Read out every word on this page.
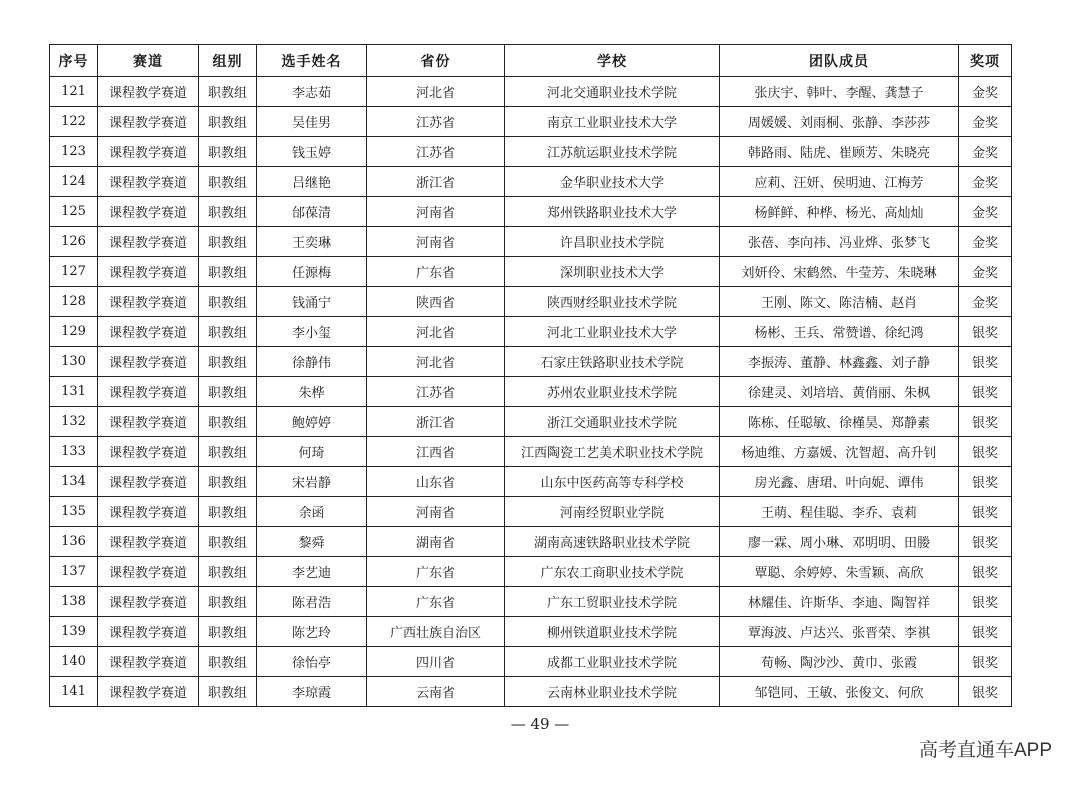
序号	赛道	组别	选手姓名	省份	学校	团队成员	奖项
121	课程教学赛道	职教组	李志茹	河北省	河北交通职业技术学院	张庆宇、韩叶、李醒、龚慧子	金奖
122	课程教学赛道	职教组	吴佳男	江苏省	南京工业职业技术大学	周媛媛、刘雨桐、张静、李莎莎	金奖
123	课程教学赛道	职教组	钱玉婷	江苏省	江苏航运职业技术学院	韩路雨、陆虎、崔顾芳、朱晓亮	金奖
124	课程教学赛道	职教组	吕继艳	浙江省	金华职业技术大学	应莉、汪妍、侯明迪、江梅芳	金奖
125	课程教学赛道	职教组	邰葆清	河南省	郑州铁路职业技术大学	杨鲜鲜、种桦、杨光、高灿灿	金奖
126	课程教学赛道	职教组	王奕琳	河南省	许昌职业技术学院	张蓓、李向祎、冯业烨、张梦飞	金奖
127	课程教学赛道	职教组	任源梅	广东省	深圳职业技术大学	刘妍伶、宋鹤然、牛莹芳、朱晓琳	金奖
128	课程教学赛道	职教组	钱涌宁	陕西省	陕西财经职业技术学院	王刚、陈文、陈洁楠、赵肖	金奖
129	课程教学赛道	职教组	李小玺	河北省	河北工业职业技术大学	杨彬、王兵、常赞谱、徐纪鸿	银奖
130	课程教学赛道	职教组	徐静伟	河北省	石家庄铁路职业技术学院	李振涛、董静、林鑫鑫、刘子静	银奖
131	课程教学赛道	职教组	朱桦	江苏省	苏州农业职业技术学院	徐建灵、刘培培、黄俏丽、朱枫	银奖
132	课程教学赛道	职教组	鲍婷婷	浙江省	浙江交通职业技术学院	陈栋、任聪敏、徐槿昊、郑静素	银奖
133	课程教学赛道	职教组	何琦	江西省	江西陶瓷工艺美术职业技术学院	杨迪维、方嘉媛、沈智超、高升钊	银奖
134	课程教学赛道	职教组	宋岩静	山东省	山东中医药高等专科学校	房光鑫、唐珺、叶向妮、谭伟	银奖
135	课程教学赛道	职教组	余函	河南省	河南经贸职业学院	王萌、程佳聪、李乔、袁莉	银奖
136	课程教学赛道	职教组	黎舜	湖南省	湖南高速铁路职业技术学院	廖一霖、周小琳、邓明明、田媵	银奖
137	课程教学赛道	职教组	李艺迪	广东省	广东农工商职业技术学院	覃聪、余婷婷、朱雪颖、高欣	银奖
138	课程教学赛道	职教组	陈君浩	广东省	广东工贸职业技术学院	林耀佳、许斯华、李迪、陶智祥	银奖
139	课程教学赛道	职教组	陈艺玲	广西壮族自治区	柳州铁道职业技术学院	覃海波、卢达兴、张晋荣、李祺	银奖
140	课程教学赛道	职教组	徐怡亭	四川省	成都工业职业技术学院	荀畅、陶沙沙、黄巾、张霞	银奖
141	课程教学赛道	职教组	李琼霞	云南省	云南林业职业技术学院	邹铠同、王敏、张俊文、何欣	银奖
— 49 —
高考直通车APP
